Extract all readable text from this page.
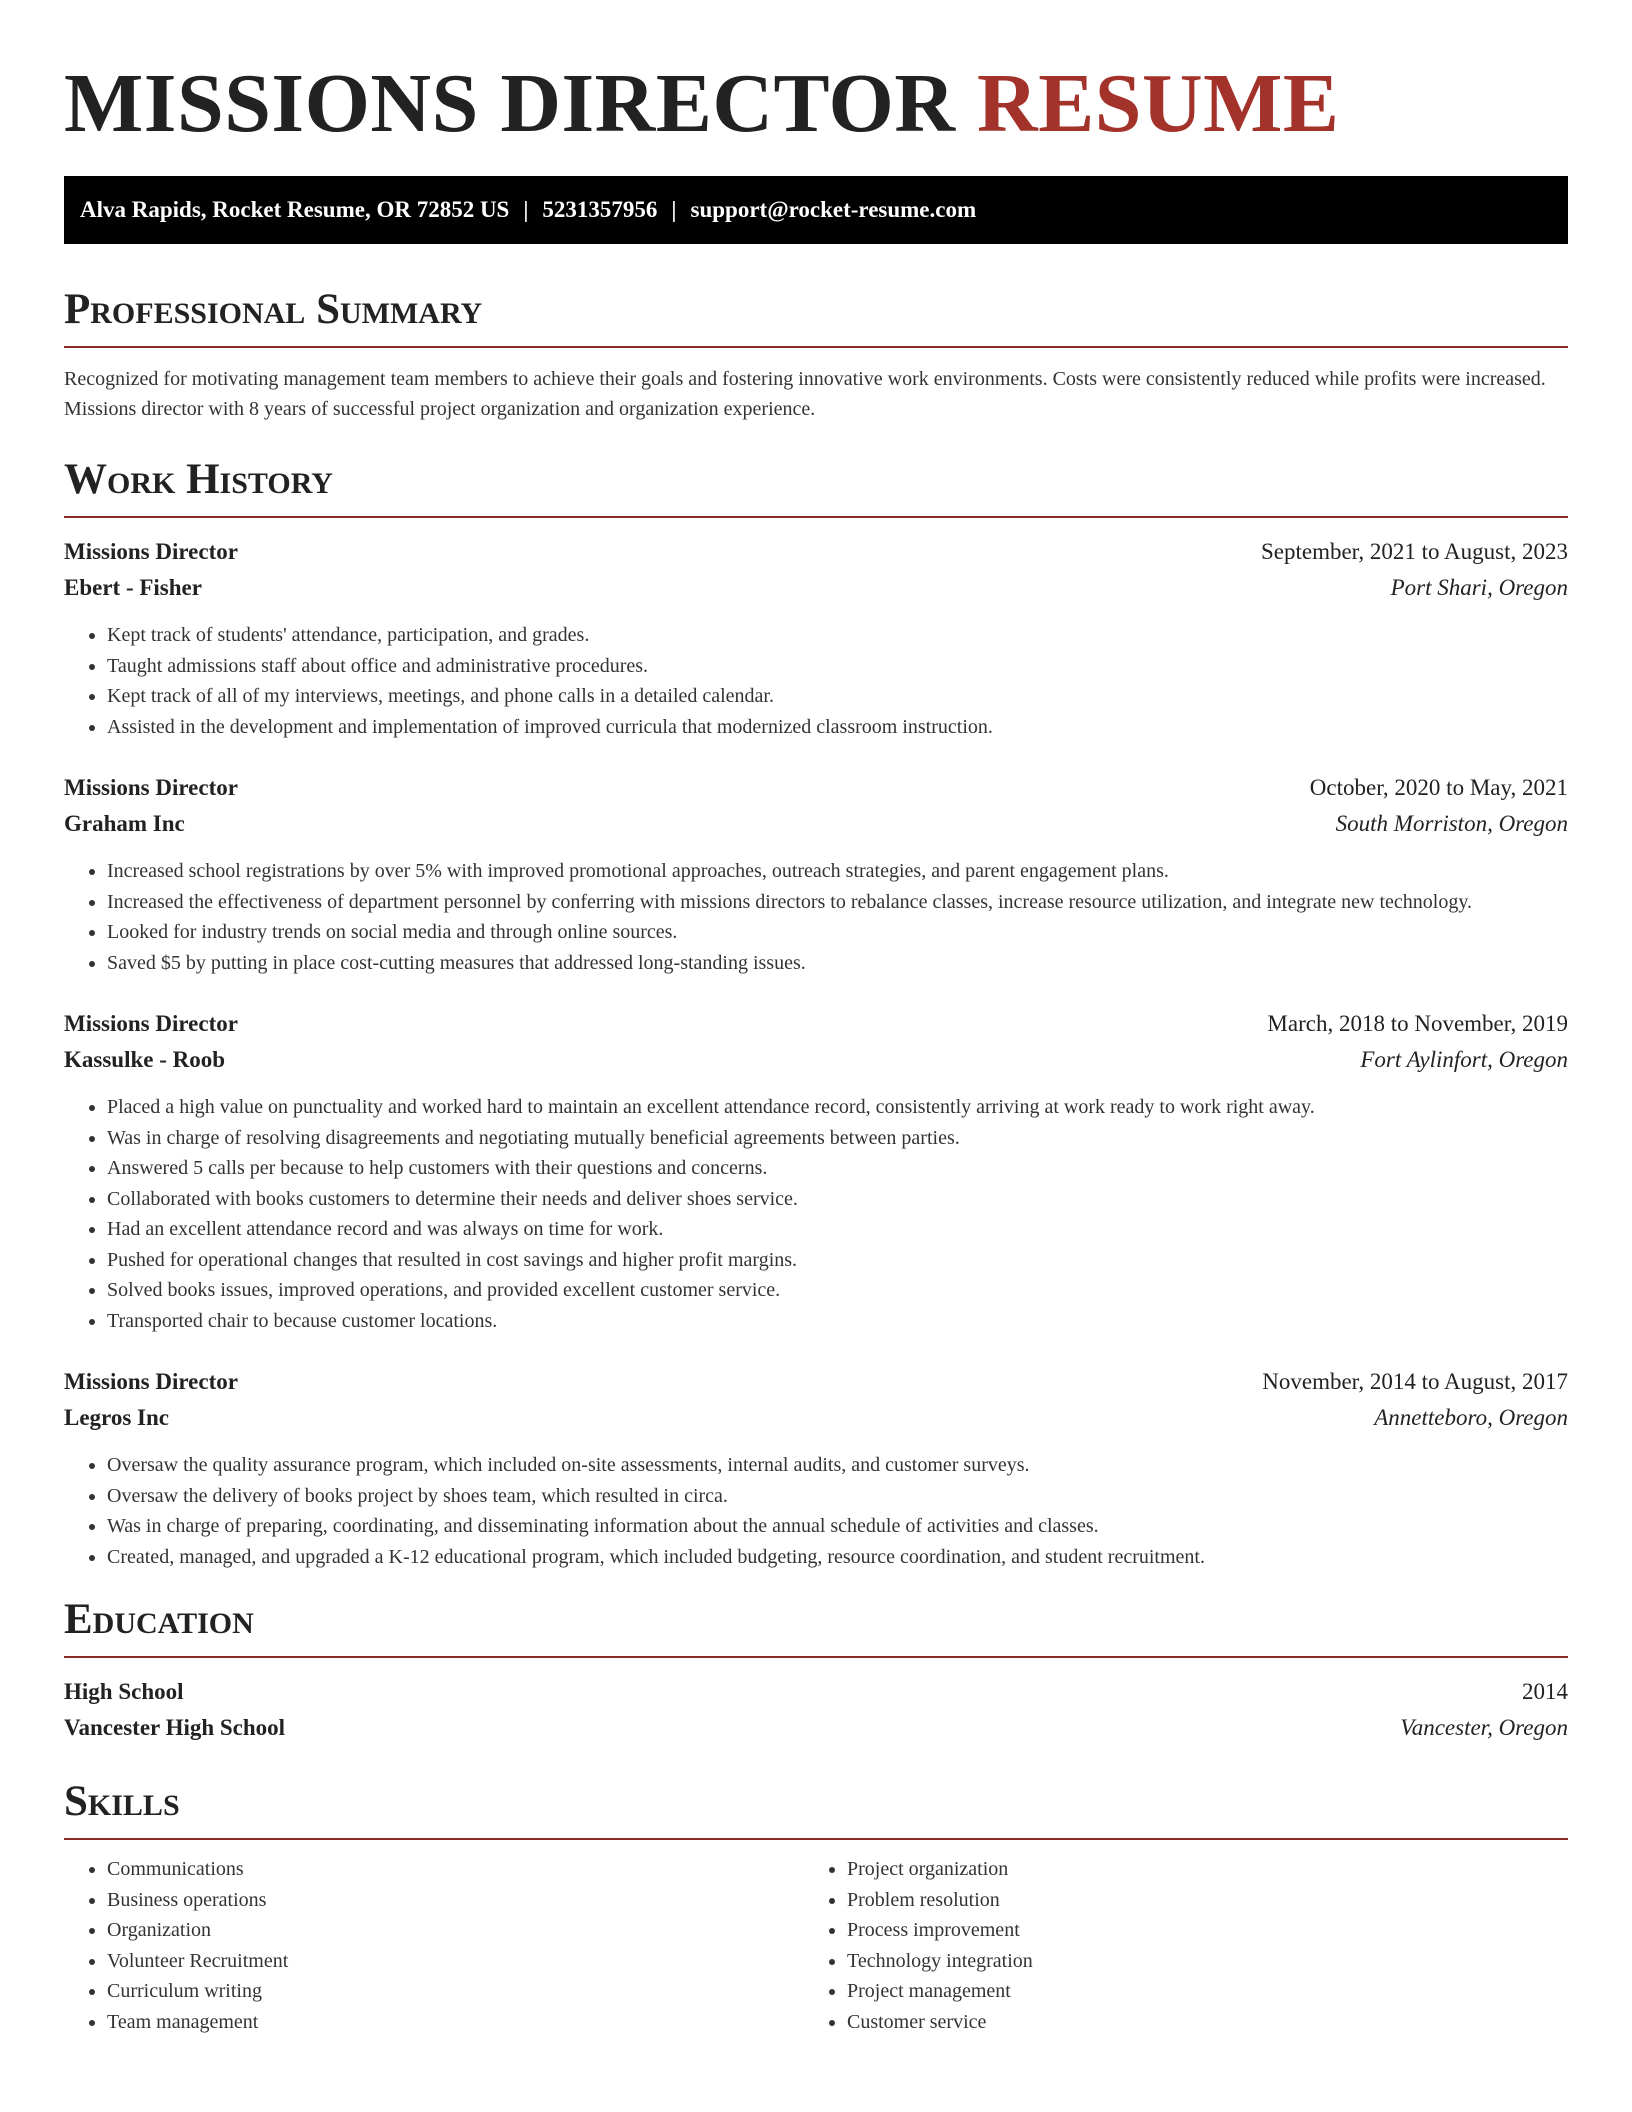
MISSIONS DIRECTOR RESUME
Alva Rapids, Rocket Resume, OR 72852 US | 5231357956 | support@rocket-resume.com
Professional Summary
Recognized for motivating management team members to achieve their goals and fostering innovative work environments. Costs were consistently reduced while profits were increased. Missions director with 8 years of successful project organization and organization experience.
Work History
Missions Director	September, 2021 to August, 2023
Ebert - Fisher	Port Shari, Oregon
• Kept track of students' attendance, participation, and grades.
• Taught admissions staff about office and administrative procedures.
• Kept track of all of my interviews, meetings, and phone calls in a detailed calendar.
• Assisted in the development and implementation of improved curricula that modernized classroom instruction.
Missions Director	October, 2020 to May, 2021
Graham Inc	South Morriston, Oregon
• Increased school registrations by over 5% with improved promotional approaches, outreach strategies, and parent engagement plans.
• Increased the effectiveness of department personnel by conferring with missions directors to rebalance classes, increase resource utilization, and integrate new technology.
• Looked for industry trends on social media and through online sources.
• Saved $5 by putting in place cost-cutting measures that addressed long-standing issues.
Missions Director	March, 2018 to November, 2019
Kassulke - Roob	Fort Aylinfort, Oregon
• Placed a high value on punctuality and worked hard to maintain an excellent attendance record, consistently arriving at work ready to work right away.
• Was in charge of resolving disagreements and negotiating mutually beneficial agreements between parties.
• Answered 5 calls per because to help customers with their questions and concerns.
• Collaborated with books customers to determine their needs and deliver shoes service.
• Had an excellent attendance record and was always on time for work.
• Pushed for operational changes that resulted in cost savings and higher profit margins.
• Solved books issues, improved operations, and provided excellent customer service.
• Transported chair to because customer locations.
Missions Director	November, 2014 to August, 2017
Legros Inc	Annetteboro, Oregon
• Oversaw the quality assurance program, which included on-site assessments, internal audits, and customer surveys.
• Oversaw the delivery of books project by shoes team, which resulted in circa.
• Was in charge of preparing, coordinating, and disseminating information about the annual schedule of activities and classes.
• Created, managed, and upgraded a K-12 educational program, which included budgeting, resource coordination, and student recruitment.
Education
High School	2014
Vancester High School	Vancester, Oregon
Skills
• Communications
• Business operations
• Organization
• Volunteer Recruitment
• Curriculum writing
• Team management
• Project organization
• Problem resolution
• Process improvement
• Technology integration
• Project management
• Customer service
